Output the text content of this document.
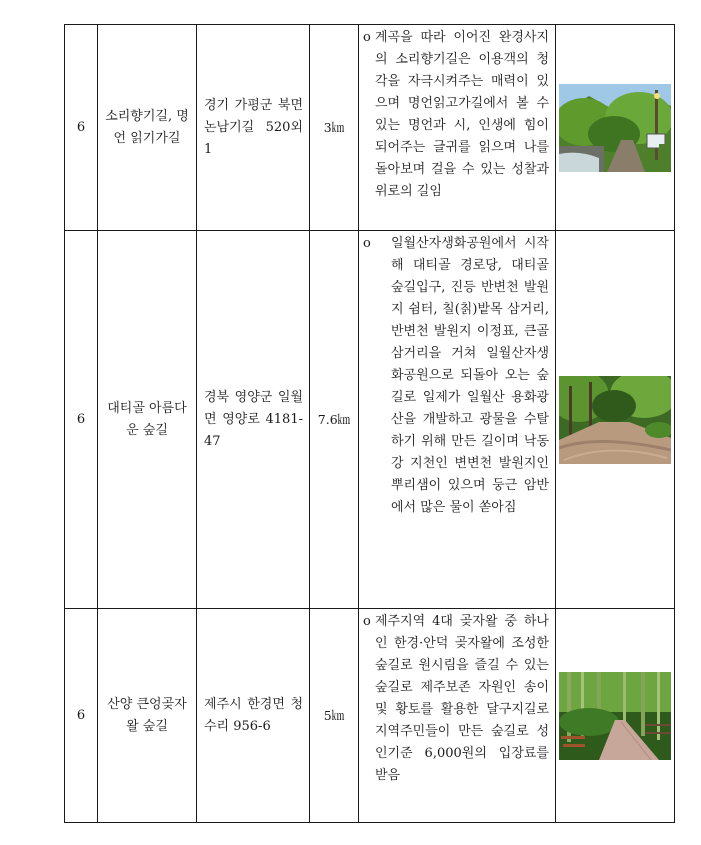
6	소리향기길, 명언 읽기가길	경기 가평군 북면 논남기길 520외1	3㎞	o 계곡을 따라 이어진 완경사지의 소리향기길은 이용객의 청각을 자극시켜주는 매력이 있으며 명언읽고가길에서 볼 수 있는 명언과 시, 인생에 힘이 되어주는 글귀를 읽으며 나를 돌아보며 걸을 수 있는 성찰과 위로의 길임

6	대티골 아름다운 숲길	경북 영양군 일월면 영양로 4181-47	7.6㎞	o 일월산자생화공원에서 시작해 대티골 경로당, 대티골 숲길입구, 진등 반변천 발원지 쉼터, 칠(칡)밭목 삼거리, 반변천 발원지 이정표, 큰골삼거리을 거쳐 일월산자생화공원으로 되돌아 오는 숲길로 일제가 일월산 용화광산을 개발하고 광물을 수탈하기 위해 만든 길이며 낙동강 지천인 변변천 발원지인 뿌리샘이 있으며 둥근 암반에서 많은 물이 쏟아짐

6	산양 큰엉곶자왈 숲길	제주시 한경면 청수리 956-6	5㎞	o 제주지역 4대 곶자왈 중 하나인 한경·안덕 곶자왈에 조성한 숲길로 원시림을 즐길 수 있는 숲길로 제주보존 자원인 송이 및 황토를 활용한 달구지길로 지역주민들이 만든 숲길로 성인기준 6,000원의 입장료를 받음
